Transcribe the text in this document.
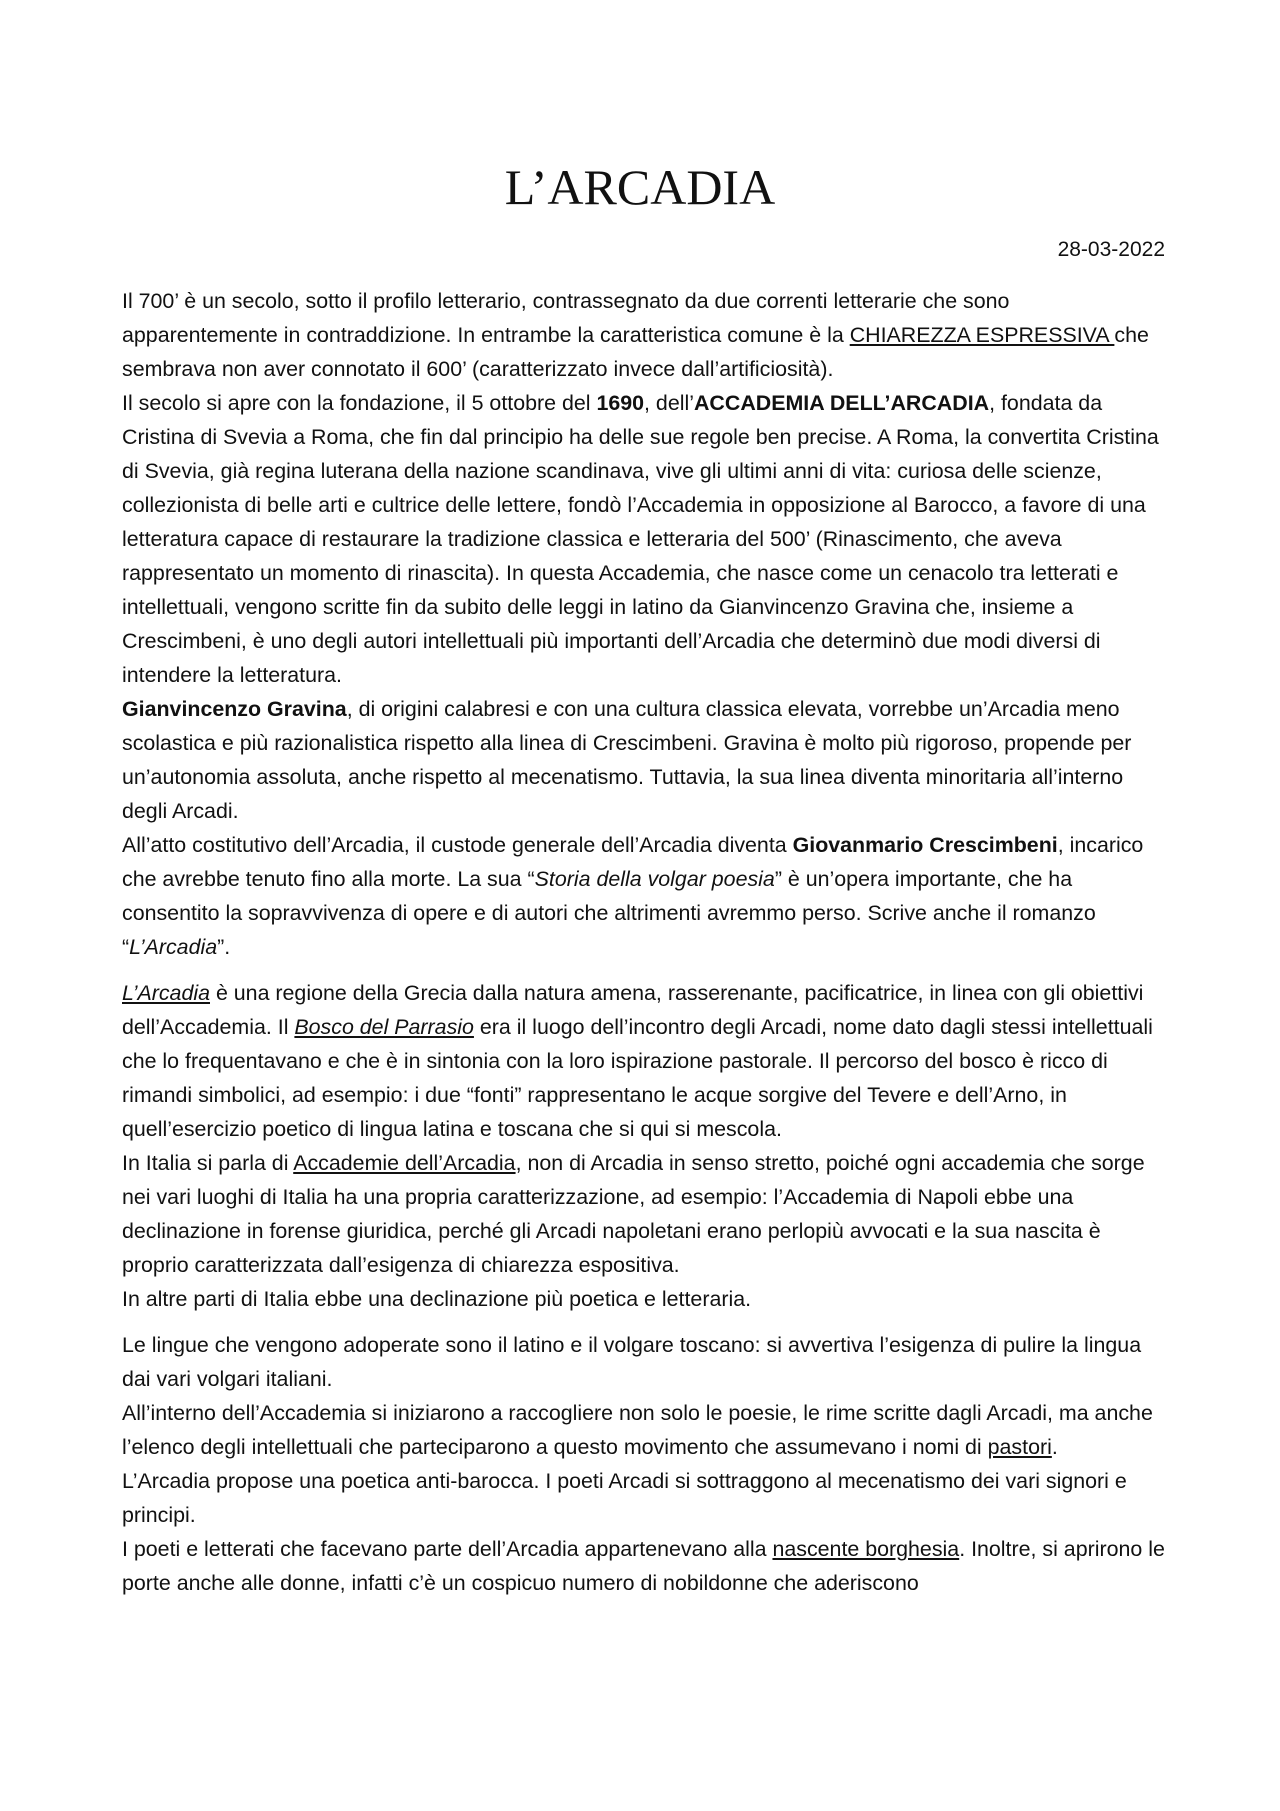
L’ARCADIA
28-03-2022

Il 700’ è un secolo, sotto il profilo letterario, contrassegnato da due correnti letterarie che sono apparentemente in contraddizione. In entrambe la caratteristica comune è la CHIAREZZA ESPRESSIVA che sembrava non aver connotato il 600’ (caratterizzato invece dall’artificiosità).

Il secolo si apre con la fondazione, il 5 ottobre del 1690, dell’ACCADEMIA DELL’ARCADIA, fondata da Cristina di Svevia a Roma, che fin dal principio ha delle sue regole ben precise. A Roma, la convertita Cristina di Svevia, già regina luterana della nazione scandinava, vive gli ultimi anni di vita: curiosa delle scienze, collezionista di belle arti e cultrice delle lettere, fondò l’Accademia in opposizione al Barocco, a favore di una letteratura capace di restaurare la tradizione classica e letteraria del 500’ (Rinascimento, che aveva rappresentato un momento di rinascita). In questa Accademia, che nasce come un cenacolo tra letterati e intellettuali, vengono scritte fin da subito delle leggi in latino da Gianvincenzo Gravina che, insieme a Crescimbeni, è uno degli autori intellettuali più importanti dell’Arcadia che determinò due modi diversi di intendere la letteratura.

Gianvincenzo Gravina, di origini calabresi e con una cultura classica elevata, vorrebbe un’Arcadia meno scolastica e più razionalistica rispetto alla linea di Crescimbeni. Gravina è molto più rigoroso, propende per un’autonomia assoluta, anche rispetto al mecenatismo. Tuttavia, la sua linea diventa minoritaria all’interno degli Arcadi.

All’atto costitutivo dell’Arcadia, il custode generale dell’Arcadia diventa Giovanmario Crescimbeni, incarico che avrebbe tenuto fino alla morte. La sua “Storia della volgar poesia” è un’opera importante, che ha consentito la sopravvivenza di opere e di autori che altrimenti avremmo perso. Scrive anche il romanzo “L’Arcadia”.

L’Arcadia è una regione della Grecia dalla natura amena, rasserenante, pacificatrice, in linea con gli obiettivi dell’Accademia. Il Bosco del Parrasio era il luogo dell’incontro degli Arcadi, nome dato dagli stessi intellettuali che lo frequentavano e che è in sintonia con la loro ispirazione pastorale. Il percorso del bosco è ricco di rimandi simbolici, ad esempio: i due “fonti” rappresentano le acque sorgive del Tevere e dell’Arno, in quell’esercizio poetico di lingua latina e toscana che si qui si mescola.

In Italia si parla di Accademie dell’Arcadia, non di Arcadia in senso stretto, poiché ogni accademia che sorge nei vari luoghi di Italia ha una propria caratterizzazione, ad esempio: l’Accademia di Napoli ebbe una declinazione in forense giuridica, perché gli Arcadi napoletani erano perlopiù avvocati e la sua nascita è proprio caratterizzata dall’esigenza di chiarezza espositiva.

In altre parti di Italia ebbe una declinazione più poetica e letteraria.

Le lingue che vengono adoperate sono il latino e il volgare toscano: si avvertiva l’esigenza di pulire la lingua dai vari volgari italiani.

All’interno dell’Accademia si iniziarono a raccogliere non solo le poesie, le rime scritte dagli Arcadi, ma anche l’elenco degli intellettuali che parteciparono a questo movimento che assumevano i nomi di pastori.

L’Arcadia propose una poetica anti-barocca. I poeti Arcadi si sottraggono al mecenatismo dei vari signori e principi.

I poeti e letterati che facevano parte dell’Arcadia appartenevano alla nascente borghesia. Inoltre, si aprirono le porte anche alle donne, infatti c’è un cospicuo numero di nobildonne che aderiscono
